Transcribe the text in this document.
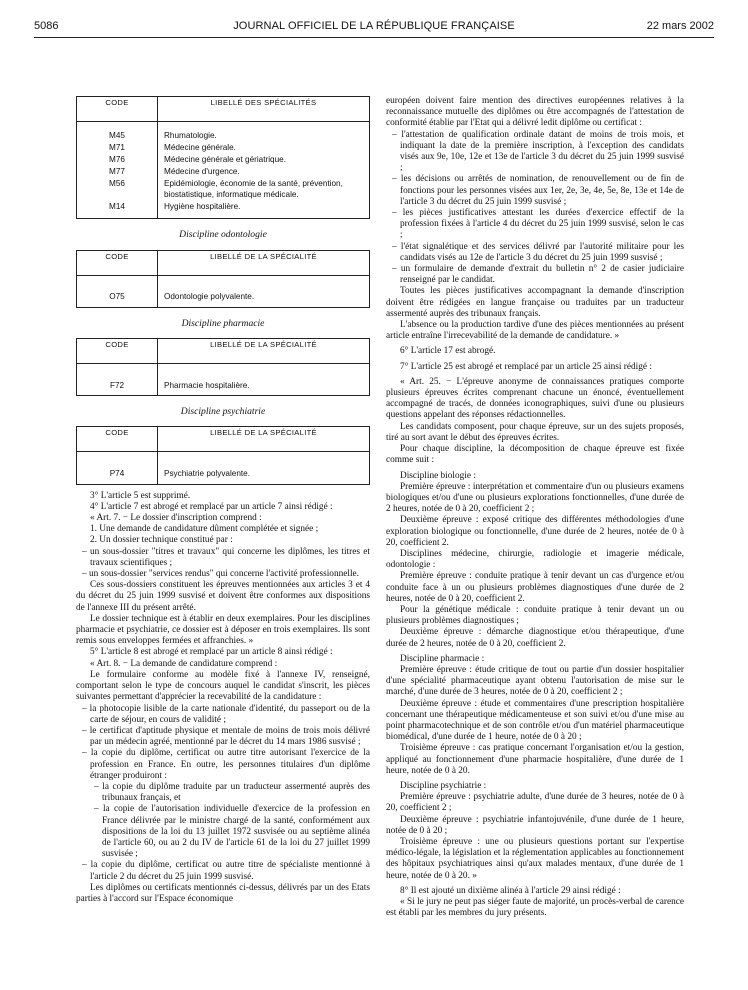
5086	JOURNAL OFFICIEL DE LA RÉPUBLIQUE FRANÇAISE	22 mars 2002
CODE	LIBELLÉ DES SPÉCIALITÉS

M45	Rhumatologie.
M71	Médecine générale.
M76	Médecine générale et gériatrique.
M77	Médecine d'urgence.
M56	Epidémiologie, économie de la santé, prévention, biostatistique, informatique médicale.
M14	Hygiène hospitalière.

Discipline odontologie
CODE	LIBELLÉ DE LA SPÉCIALITÉ

O75	Odontologie polyvalente.

Discipline pharmacie
CODE	LIBELLÉ DE LA SPÉCIALITÉ

F72	Pharmacie hospitalière.

Discipline psychiatrie
CODE	LIBELLÉ DE LA SPÉCIALITÉ

P74	Psychiatrie polyvalente.

3° L'article 5 est supprimé.

4° L'article 7 est abrogé et remplacé par un article 7 ainsi rédigé :

« Art. 7. − Le dossier d'inscription comprend :

1. Une demande de candidature dûment complétée et signée ;

2. Un dossier technique constitué par :

– un sous-dossier "titres et travaux" qui concerne les diplômes, les titres et travaux scientifiques ;

– un sous-dossier "services rendus" qui concerne l'activité professionnelle.

Ces sous-dossiers constituent les épreuves mentionnées aux articles 3 et 4 du décret du 25 juin 1999 susvisé et doivent être conformes aux dispositions de l'annexe III du présent arrêté.

Le dossier technique est à établir en deux exemplaires. Pour les disciplines pharmacie et psychiatrie, ce dossier est à déposer en trois exemplaires. Ils sont remis sous enveloppes fermées et affranchies. »

5° L'article 8 est abrogé et remplacé par un article 8 ainsi rédigé :

« Art. 8. − La demande de candidature comprend :

Le formulaire conforme au modèle fixé à l'annexe IV, renseigné, comportant selon le type de concours auquel le candidat s'inscrit, les pièces suivantes permettant d'apprécier la recevabilité de la candidature :

– la photocopie lisible de la carte nationale d'identité, du passeport ou de la carte de séjour, en cours de validité ;

– le certificat d'aptitude physique et mentale de moins de trois mois délivré par un médecin agréé, mentionné par le décret du 14 mars 1986 susvisé ;

– la copie du diplôme, certificat ou autre titre autorisant l'exercice de la profession en France. En outre, les personnes titulaires d'un diplôme étranger produiront :

– la copie du diplôme traduite par un traducteur assermenté auprès des tribunaux français, et

– la copie de l'autorisation individuelle d'exercice de la profession en France délivrée par le ministre chargé de la santé, conformément aux dispositions de la loi du 13 juillet 1972 susvisée ou au septième alinéa de l'article 60, ou au 2 du IV de l'article 61 de la loi du 27 juillet 1999 susvisée ;

– la copie du diplôme, certificat ou autre titre de spécialiste mentionné à l'article 2 du décret du 25 juin 1999 susvisé.

Les diplômes ou certificats mentionnés ci-dessus, délivrés par un des Etats parties à l'accord sur l'Espace économique

européen doivent faire mention des directives européennes relatives à la reconnaissance mutuelle des diplômes ou être accompagnés de l'attestation de conformité établie par l'Etat qui a délivré ledit diplôme ou certificat :

– l'attestation de qualification ordinale datant de moins de trois mois, et indiquant la date de la première inscription, à l'exception des candidats visés aux 9e, 10e, 12e et 13e de l'article 3 du décret du 25 juin 1999 susvisé ;

– les décisions ou arrêtés de nomination, de renouvellement ou de fin de fonctions pour les personnes visées aux 1er, 2e, 3e, 4e, 5e, 8e, 13e et 14e de l'article 3 du décret du 25 juin 1999 susvisé ;

– les pièces justificatives attestant les durées d'exercice effectif de la profession fixées à l'article 4 du décret du 25 juin 1999 susvisé, selon le cas ;

– l'état signalétique et des services délivré par l'autorité militaire pour les candidats visés au 12e de l'article 3 du décret du 25 juin 1999 susvisé ;

– un formulaire de demande d'extrait du bulletin n° 2 de casier judiciaire renseigné par le candidat.

Toutes les pièces justificatives accompagnant la demande d'inscription doivent être rédigées en langue française ou traduites par un traducteur assermenté auprès des tribunaux français.

L'absence ou la production tardive d'une des pièces mentionnées au présent article entraîne l'irrecevabilité de la demande de candidature. »

6° L'article 17 est abrogé.

7° L'article 25 est abrogé et remplacé par un article 25 ainsi rédigé :

« Art. 25. − L'épreuve anonyme de connaissances pratiques comporte plusieurs épreuves écrites comprenant chacune un énoncé, éventuellement accompagné de tracés, de données iconographiques, suivi d'une ou plusieurs questions appelant des réponses rédactionnelles.

Les candidats composent, pour chaque épreuve, sur un des sujets proposés, tiré au sort avant le début des épreuves écrites.

Pour chaque discipline, la décomposition de chaque épreuve est fixée comme suit :

Discipline biologie :

Première épreuve : interprétation et commentaire d'un ou plusieurs examens biologiques et/ou d'une ou plusieurs explorations fonctionnelles, d'une durée de 2 heures, notée de 0 à 20, coefficient 2 ;

Deuxième épreuve : exposé critique des différentes méthodologies d'une exploration biologique ou fonctionnelle, d'une durée de 2 heures, notée de 0 à 20, coefficient 2.

Disciplines médecine, chirurgie, radiologie et imagerie médicale, odontologie :

Première épreuve : conduite pratique à tenir devant un cas d'urgence et/ou conduite face à un ou plusieurs problèmes diagnostiques d'une durée de 2 heures, notée de 0 à 20, coefficient 2.

Pour la génétique médicale : conduite pratique à tenir devant un ou plusieurs problèmes diagnostiques ;

Deuxième épreuve : démarche diagnostique et/ou thérapeutique, d'une durée de 2 heures, notée de 0 à 20, coefficient 2.

Discipline pharmacie :

Première épreuve : étude critique de tout ou partie d'un dossier hospitalier d'une spécialité pharmaceutique ayant obtenu l'autorisation de mise sur le marché, d'une durée de 3 heures, notée de 0 à 20, coefficient 2 ;

Deuxième épreuve : étude et commentaires d'une prescription hospitalière concernant une thérapeutique médicamenteuse et son suivi et/ou d'une mise au point pharmacotechnique et de son contrôle et/ou d'un matériel pharmaceutique biomédical, d'une durée de 1 heure, notée de 0 à 20 ;

Troisième épreuve : cas pratique concernant l'organisation et/ou la gestion, appliqué au fonctionnement d'une pharmacie hospitalière, d'une durée de 1 heure, notée de 0 à 20.

Discipline psychiatrie :

Première épreuve : psychiatrie adulte, d'une durée de 3 heures, notée de 0 à 20, coefficient 2 ;

Deuxième épreuve : psychiatrie infantojuvénile, d'une durée de 1 heure, notée de 0 à 20 ;

Troisième épreuve : une ou plusieurs questions portant sur l'expertise médico-légale, la législation et la réglementation applicables au fonctionnement des hôpitaux psychiatriques ainsi qu'aux malades mentaux, d'une durée de 1 heure, notée de 0 à 20. »

8° Il est ajouté un dixième alinéa à l'article 29 ainsi rédigé :

« Si le jury ne peut pas siéger faute de majorité, un procès-verbal de carence est établi par les membres du jury présents.
